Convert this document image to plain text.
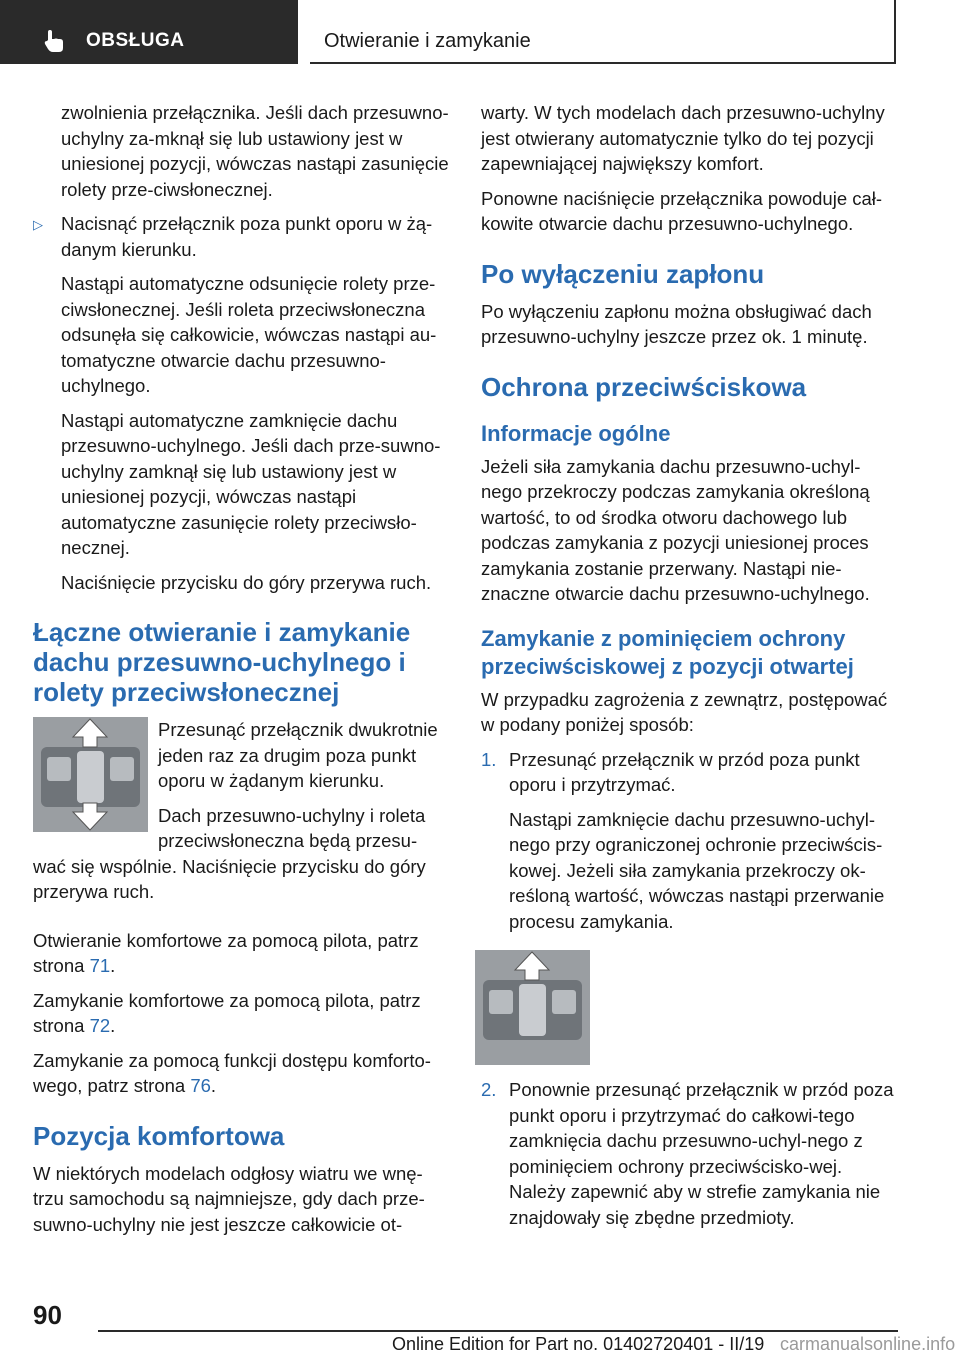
OBSŁUGA	Otwieranie i zamykanie

zwolnienia przełącznika. Jeśli dach przesuwno-uchylny za-mknął się lub ustawiony jest w uniesionej pozycji, wówczas nastąpi zasunięcie rolety prze-ciwsłonecznej.

▷ Nacisnąć przełącznik poza punkt oporu w żą-danym kierunku.

Nastąpi automatyczne odsunięcie rolety prze-ciwsłonecznej. Jeśli roleta przeciwsłoneczna odsunęła się całkowicie, wówczas nastąpi au-tomatyczne otwarcie dachu przesuwno-uchylnego.

Nastąpi automatyczne zamknięcie dachu przesuwno-uchylnego. Jeśli dach prze-suwno-uchylny zamknął się lub ustawiony jest w uniesionej pozycji, wówczas nastąpi automatyczne zasunięcie rolety przeciwsło-necznej.

Naciśnięcie przycisku do góry przerywa ruch.

Łączne otwieranie i zamykanie dachu przesuwno-uchylnego i rolety przeciwsłonecznej

Przesunąć przełącznik dwukrotnie jeden raz za drugim poza punkt oporu w żądanym kierunku.

Dach przesuwno-uchylny i roleta przeciwsłoneczna będą przesu-wać się wspólnie. Naciśnięcie przycisku do góry przerywa ruch.

Otwieranie komfortowe za pomocą pilota, patrz strona 71.

Zamykanie komfortowe za pomocą pilota, patrz strona 72.

Zamykanie za pomocą funkcji dostępu komforto-wego, patrz strona 76.

Pozycja komfortowa

W niektórych modelach odgłosy wiatru we wnę-trzu samochodu są najmniejsze, gdy dach prze-suwno-uchylny nie jest jeszcze całkowicie ot-

warty. W tych modelach dach przesuwno-uchylny jest otwierany automatycznie tylko do tej pozycji zapewniającej największy komfort.

Ponowne naciśnięcie przełącznika powoduje cał-kowite otwarcie dachu przesuwno-uchylnego.

Po wyłączeniu zapłonu

Po wyłączeniu zapłonu można obsługiwać dach przesuwno-uchylny jeszcze przez ok. 1 minutę.

Ochrona przeciwściskowa
Informacje ogólne

Jeżeli siła zamykania dachu przesuwno-uchyl-nego przekroczy podczas zamykania określoną wartość, to od środka otworu dachowego lub podczas zamykania z pozycji uniesionej proces zamykania zostanie przerwany. Nastąpi nie-znaczne otwarcie dachu przesuwno-uchylnego.

Zamykanie z pominięciem ochrony przeciwściskowej z pozycji otwartej

W przypadku zagrożenia z zewnątrz, postępować w podany poniżej sposób:

1. Przesunąć przełącznik w przód poza punkt oporu i przytrzymać.

Nastąpi zamknięcie dachu przesuwno-uchyl-nego przy ograniczonej ochronie przeciwścis-kowej. Jeżeli siła zamykania przekroczy ok-reśloną wartość, wówczas nastąpi przerwanie procesu zamykania.

2. Ponownie przesunąć przełącznik w przód poza punkt oporu i przytrzymać do całkowi-tego zamknięcia dachu przesuwno-uchyl-nego z pominięciem ochrony przeciwścisko-wej. Należy zapewnić aby w strefie zamykania nie znajdowały się zbędne przedmioty.

90
Online Edition for Part no. 01402720401 - II/19 carmanualsonline.info
